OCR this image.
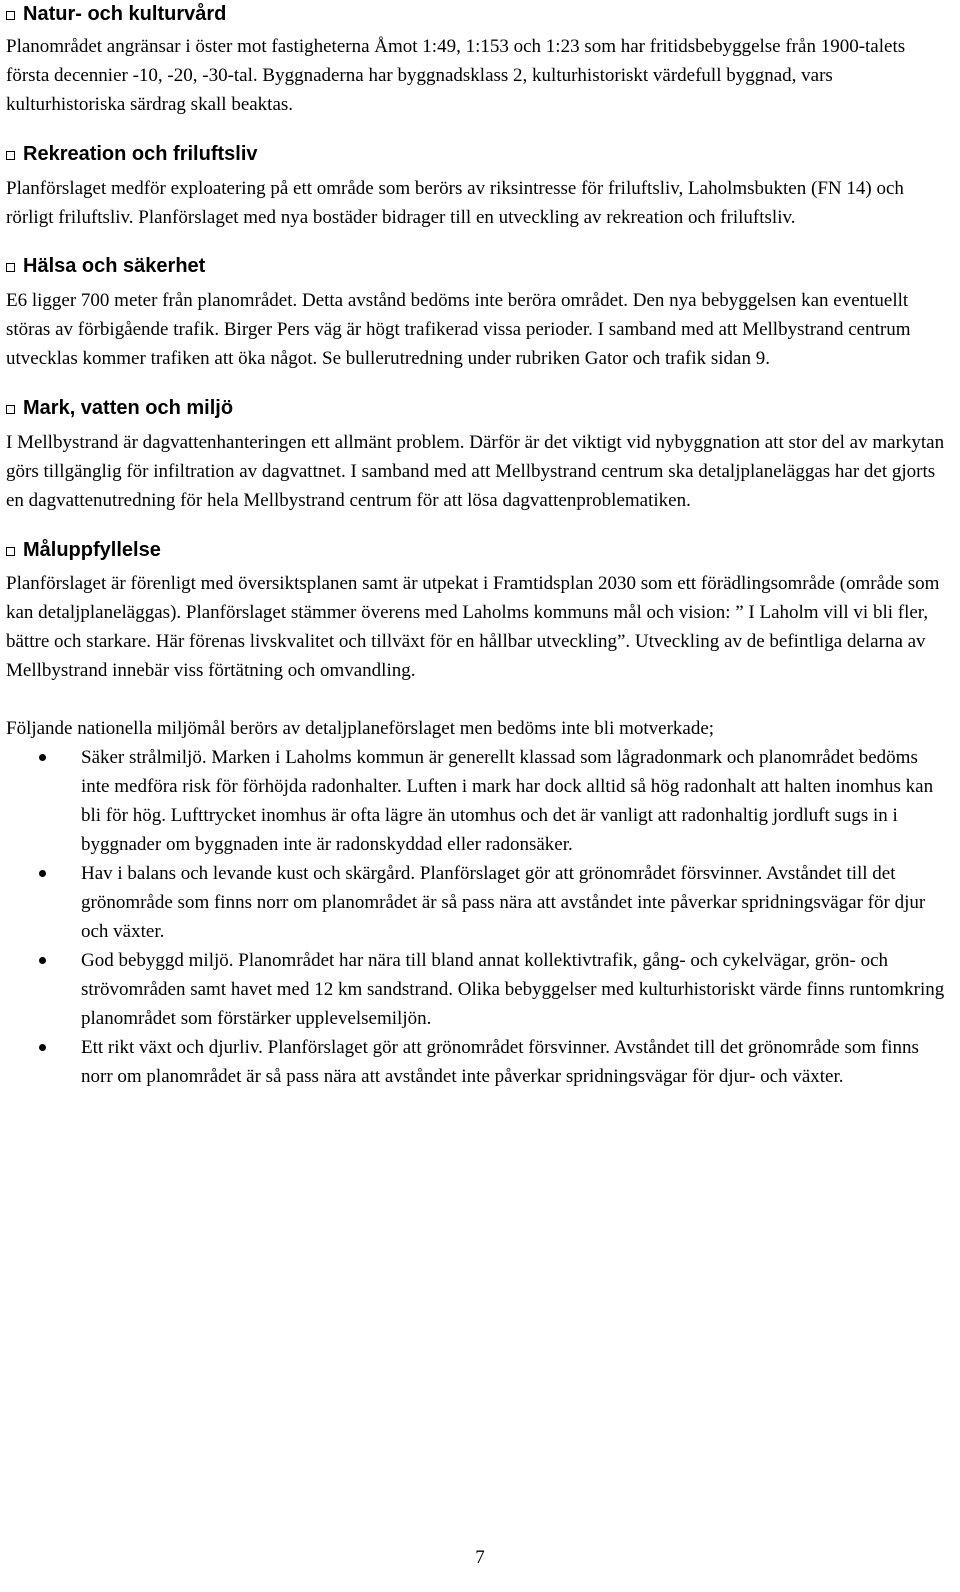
Natur- och kulturvård

Planområdet angränsar i öster mot fastigheterna Åmot 1:49, 1:153 och 1:23 som har fritidsbebyggelse från 1900-talets första decennier -10, -20, -30-tal. Byggnaderna har byggnadsklass 2, kulturhistoriskt värdefull byggnad, vars kulturhistoriska särdrag skall beaktas.

Rekreation och friluftsliv

Planförslaget medför exploatering på ett område som berörs av riksintresse för friluftsliv, Laholmsbukten (FN 14) och rörligt friluftsliv. Planförslaget med nya bostäder bidrager till en utveckling av rekreation och friluftsliv.

Hälsa och säkerhet

E6 ligger 700 meter från planområdet. Detta avstånd bedöms inte beröra området. Den nya bebyggelsen kan eventuellt störas av förbigående trafik. Birger Pers väg är högt trafikerad vissa perioder. I samband med att Mellbystrand centrum utvecklas kommer trafiken att öka något. Se bullerutredning under rubriken Gator och trafik sidan 9.

Mark, vatten och miljö

I Mellbystrand är dagvattenhanteringen ett allmänt problem. Därför är det viktigt vid nybyggnation att stor del av markytan görs tillgänglig för infiltration av dagvattnet. I samband med att Mellbystrand centrum ska detaljplaneläggas har det gjorts en dagvattenutredning för hela Mellbystrand centrum för att lösa dagvattenproblematiken.

Måluppfyllelse

Planförslaget är förenligt med översiktsplanen samt är utpekat i Framtidsplan 2030 som ett förädlingsområde (område som kan detaljplaneläggas). Planförslaget stämmer överens med Laholms kommuns mål och vision: ” I Laholm vill vi bli fler, bättre och starkare. Här förenas livskvalitet och tillväxt för en hållbar utveckling”. Utveckling av de befintliga delarna av Mellbystrand innebär viss förtätning och omvandling.

Följande nationella miljömål berörs av detaljplaneförslaget men bedöms inte bli motverkade;

Säker strålmiljö. Marken i Laholms kommun är generellt klassad som lågradonmark och planområdet bedöms inte medföra risk för förhöjda radonhalter. Luften i mark har dock alltid så hög radonhalt att halten inomhus kan bli för hög. Lufttrycket inomhus är ofta lägre än utomhus och det är vanligt att radonhaltig jordluft sugs in i byggnader om byggnaden inte är radonskyddad eller radonsäker.
Hav i balans och levande kust och skärgård. Planförslaget gör att grönområdet försvinner. Avståndet till det grönområde som finns norr om planområdet är så pass nära att avståndet inte påverkar spridningsvägar för djur och växter.
God bebyggd miljö. Planområdet har nära till bland annat kollektivtrafik, gång- och cykelvägar, grön- och strövområden samt havet med 12 km sandstrand. Olika bebyggelser med kulturhistoriskt värde finns runtomkring planområdet som förstärker upplevelsemiljön.
Ett rikt växt och djurliv. Planförslaget gör att grönområdet försvinner. Avståndet till det grönområde som finns norr om planområdet är så pass nära att avståndet inte påverkar spridningsvägar för djur- och växter.
7
